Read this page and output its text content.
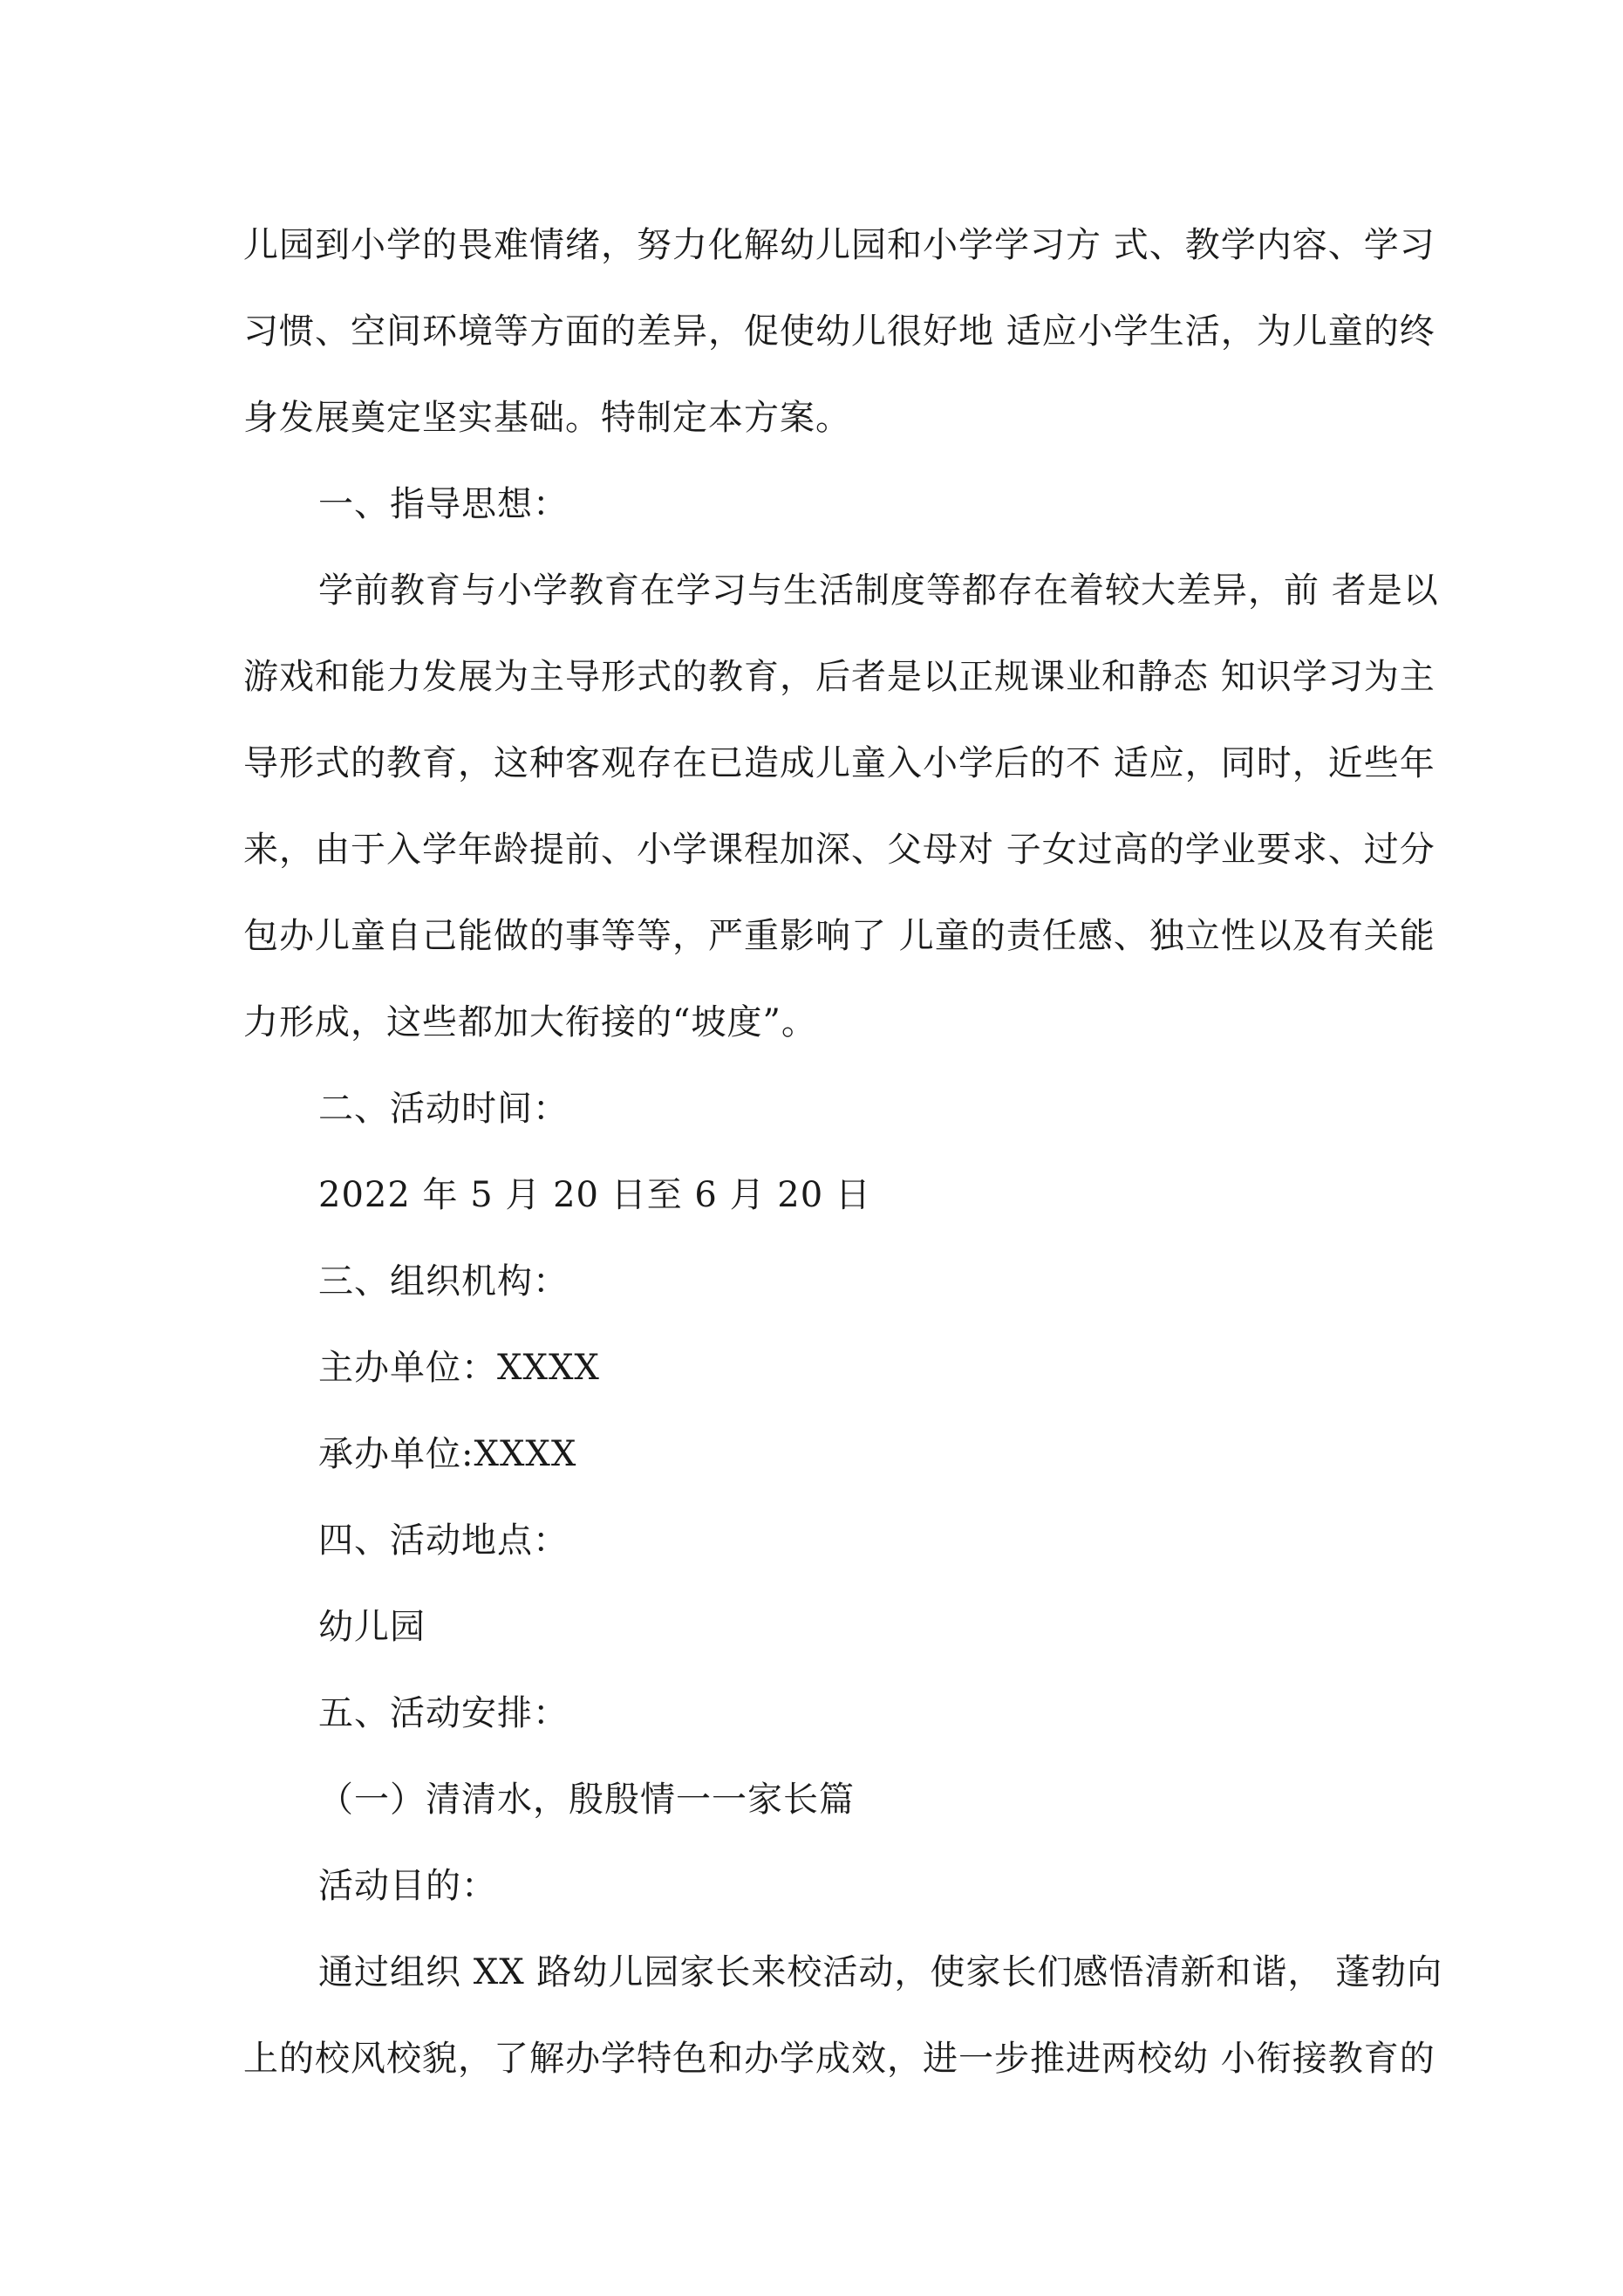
儿园到小学的畏难情绪，努力化解幼儿园和小学学习方 式、教学内容、学习

习惯、空间环境等方面的差异，促使幼儿很好地 适应小学生活，为儿童的终

身发展奠定坚实基础。特制定本方案。

一、指导思想：

学前教育与小学教育在学习与生活制度等都存在着较大差异，前 者是以

游戏和能力发展为主导形式的教育，后者是以正规课业和静态 知识学习为主

导形式的教育，这种客观存在已造成儿童入小学后的不 适应，同时，近些年

来，由于入学年龄提前、小学课程加深、父母对 子女过高的学业要求、过分

包办儿童自己能做的事等等，严重影响了 儿童的责任感、独立性以及有关能

力形成，这些都加大衔接的“坡度”。

二、活动时间：

2022 年 5 月 20 日至 6 月 20 日

三、组织机构：

主办单位：XXXX

承办单位:XXXX

四、活动地点：

幼儿园

五、活动安排：

（一）清清水，殷殷情一一家长篇

活动目的：

通过组织 XX 路幼儿园家长来校活动，使家长们感悟清新和谐， 蓬勃向

上的校风校貌，了解办学特色和办学成效，进一步推进两校幼 小衔接教育的
